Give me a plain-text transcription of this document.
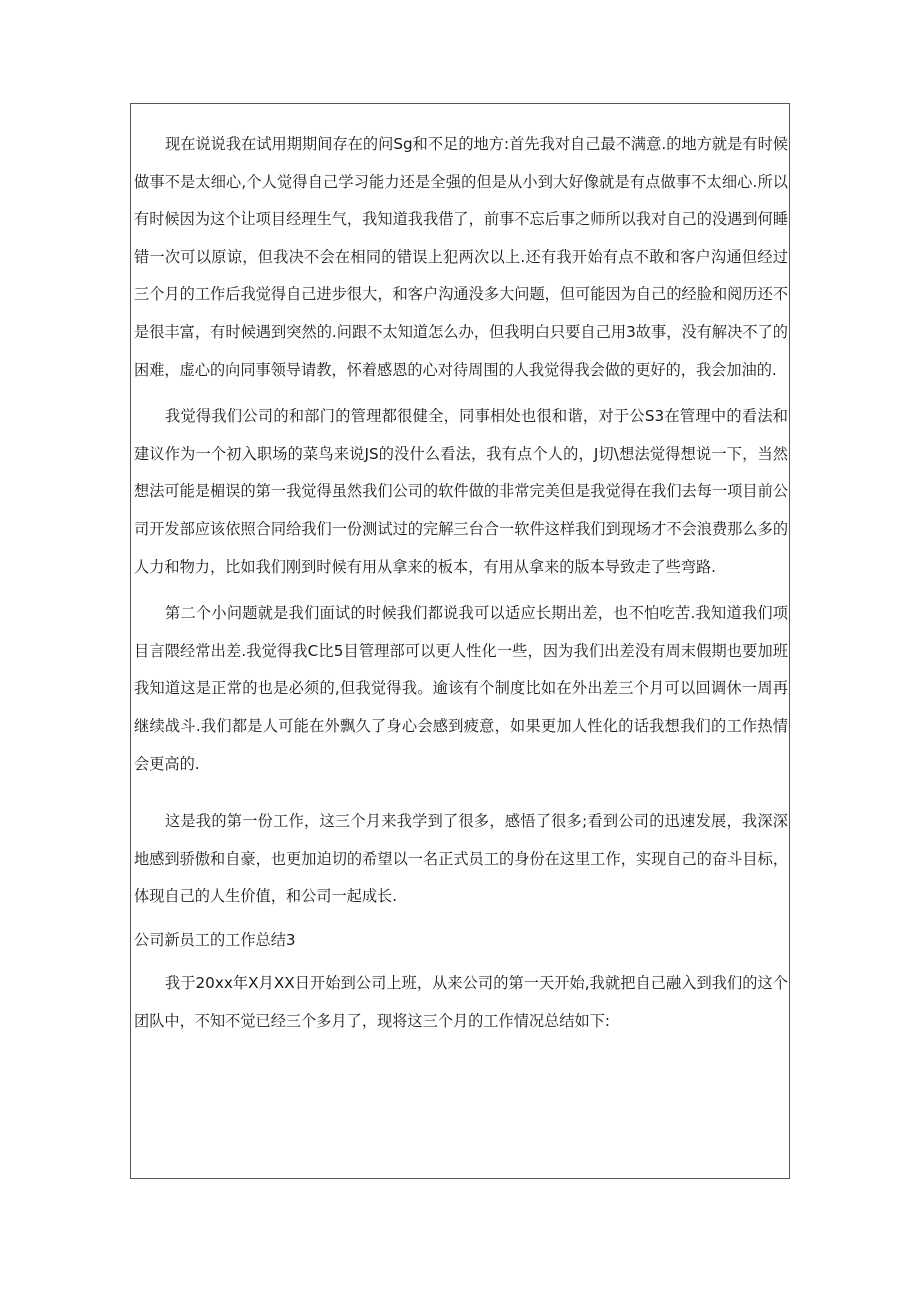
现在说说我在试用期期间存在的问Sg和不足的地方:首先我对自己最不满意.的地方就是有时候做事不是太细心,个人觉得自己学习能力还是全强的但是从小到大好像就是有点做事不太细心.所以有时候因为这个让项目经理生气，我知道我我借了，前事不忘后事之师所以我对自己的没遇到何睡错一次可以原谅，但我决不会在相同的错误上犯两次以上.还有我开始有点不敢和客户沟通但经过三个月的工作后我觉得自己进步很大，和客户沟通没多大问题，但可能因为自己的经脸和阅历还不是很丰富，有时候遇到突然的.问跟不太知道怎么办，但我明白只要自己用3故事，没有解决不了的困难，虚心的向同事领导请教，怀着感恩的心对待周围的人我觉得我会做的更好的，我会加油的.

我觉得我们公司的和部门的管理都很健全，同事相处也很和谐，对于公S3在管理中的看法和建议作为一个初入职场的菜鸟来说JS的没什么看法，我有点个人的，J切\想法觉得想说一下，当然想法可能是楣误的第一我觉得虽然我们公司的软件做的非常完美但是我觉得在我们去每一项目前公司开发部应该依照合同给我们一份测试过的完解三台合一软件这样我们到现场才不会浪费那么多的人力和物力，比如我们刚到时候有用从拿来的板本，有用从拿来的版本导致走了些弯路.

第二个小问题就是我们面试的时候我们都说我可以适应长期出差，也不怕吃苦.我知道我们项目言隈经常出差.我觉得我C比5目管理部可以更人性化一些，因为我们出差没有周末假期也要加班我知道这是正常的也是必须的,但我觉得我。逾该有个制度比如在外出差三个月可以回调休一周再继续战斗.我们都是人可能在外飘久了身心会感到疲意，如果更加人性化的话我想我们的工作热情会更高的.

这是我的第一份工作，这三个月来我学到了很多，感悟了很多;看到公司的迅速发展，我深深地感到骄傲和自豪，也更加迫切的希望以一名正式员工的身份在这里工作，实现自己的奋斗目标，体现自己的人生价值，和公司一起成长.

公司新员工的工作总结3

我于20xx年X月XX日开始到公司上班，从来公司的第一天开始,我就把自己融入到我们的这个团队中，不知不觉已经三个多月了，现将这三个月的工作情况总结如下:
